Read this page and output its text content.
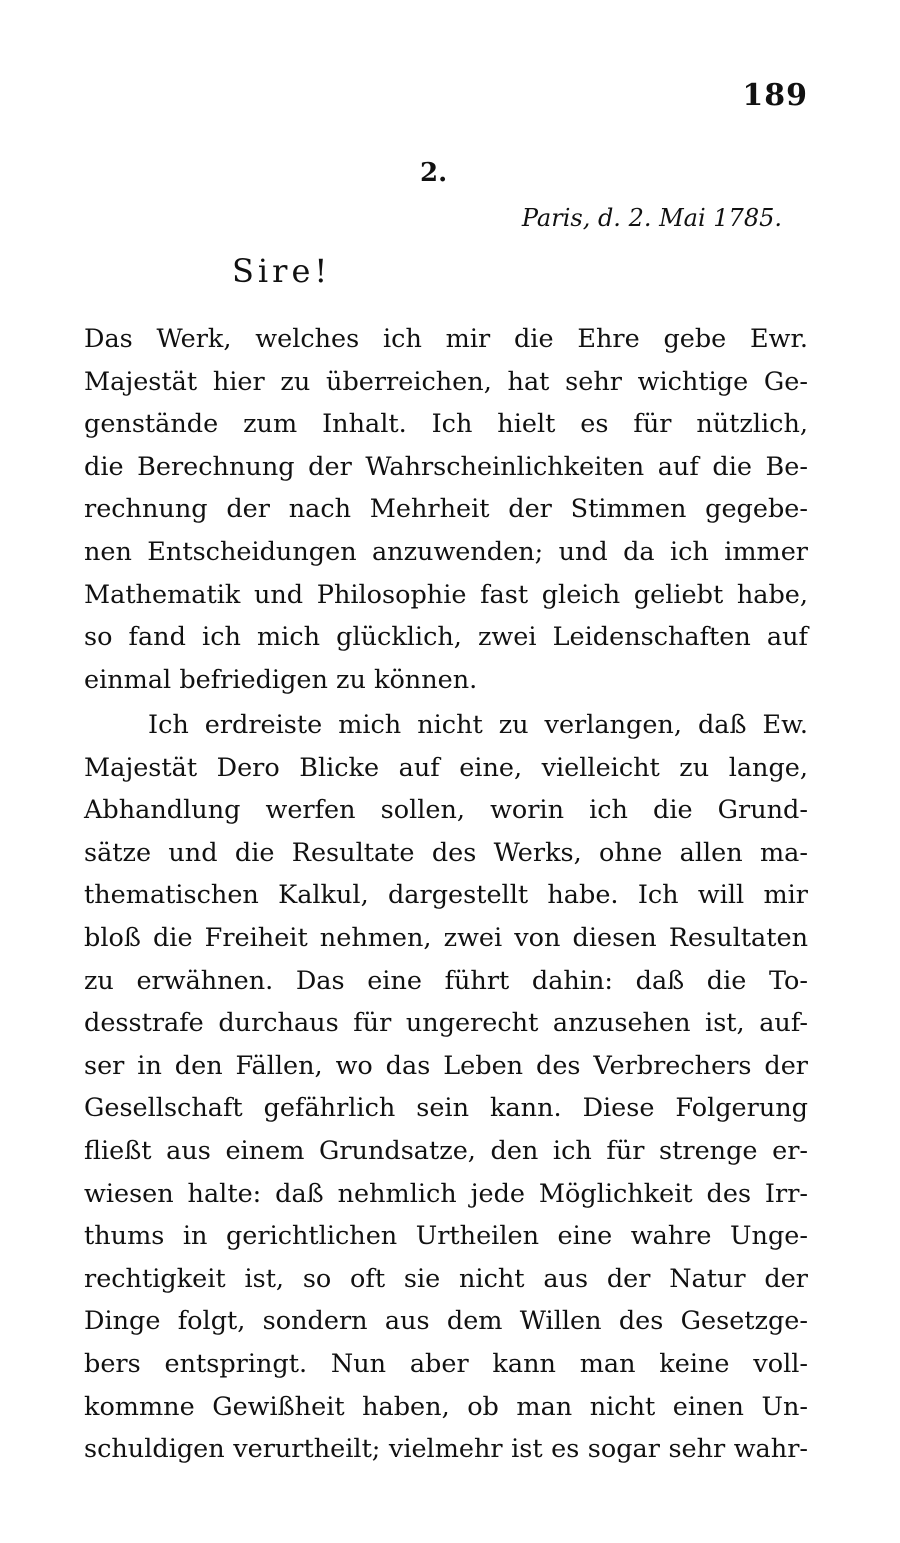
189
2.
Paris, d. 2. Mai 1785.
Sire!
Das Werk, welches ich mir die Ehre gebe Ewr.
Majestät hier zu überreichen, hat sehr wichtige Ge-
genstände zum Inhalt. Ich hielt es für nützlich,
die Berechnung der Wahrscheinlichkeiten auf die Be-
rechnung der nach Mehrheit der Stimmen gegebe-
nen Entscheidungen anzuwenden; und da ich immer
Mathematik und Philosophie fast gleich geliebt habe,
so fand ich mich glücklich, zwei Leidenschaften auf
einmal befriedigen zu können.
Ich erdreiste mich nicht zu verlangen, daß Ew.
Majestät Dero Blicke auf eine, vielleicht zu lange,
Abhandlung werfen sollen, worin ich die Grund-
sätze und die Resultate des Werks, ohne allen ma-
thematischen Kalkul, dargestellt habe. Ich will mir
bloß die Freiheit nehmen, zwei von diesen Resultaten
zu erwähnen. Das eine führt dahin: daß die To-
desstrafe durchaus für ungerecht anzusehen ist, auf-
ser in den Fällen, wo das Leben des Verbrechers der
Gesellschaft gefährlich sein kann. Diese Folgerung
fließt aus einem Grundsatze, den ich für strenge er-
wiesen halte: daß nehmlich jede Möglichkeit des Irr-
thums in gerichtlichen Urtheilen eine wahre Unge-
rechtigkeit ist, so oft sie nicht aus der Natur der
Dinge folgt, sondern aus dem Willen des Gesetzge-
bers entspringt. Nun aber kann man keine voll-
kommne Gewißheit haben, ob man nicht einen Un-
schuldigen verurtheilt; vielmehr ist es sogar sehr wahr-
